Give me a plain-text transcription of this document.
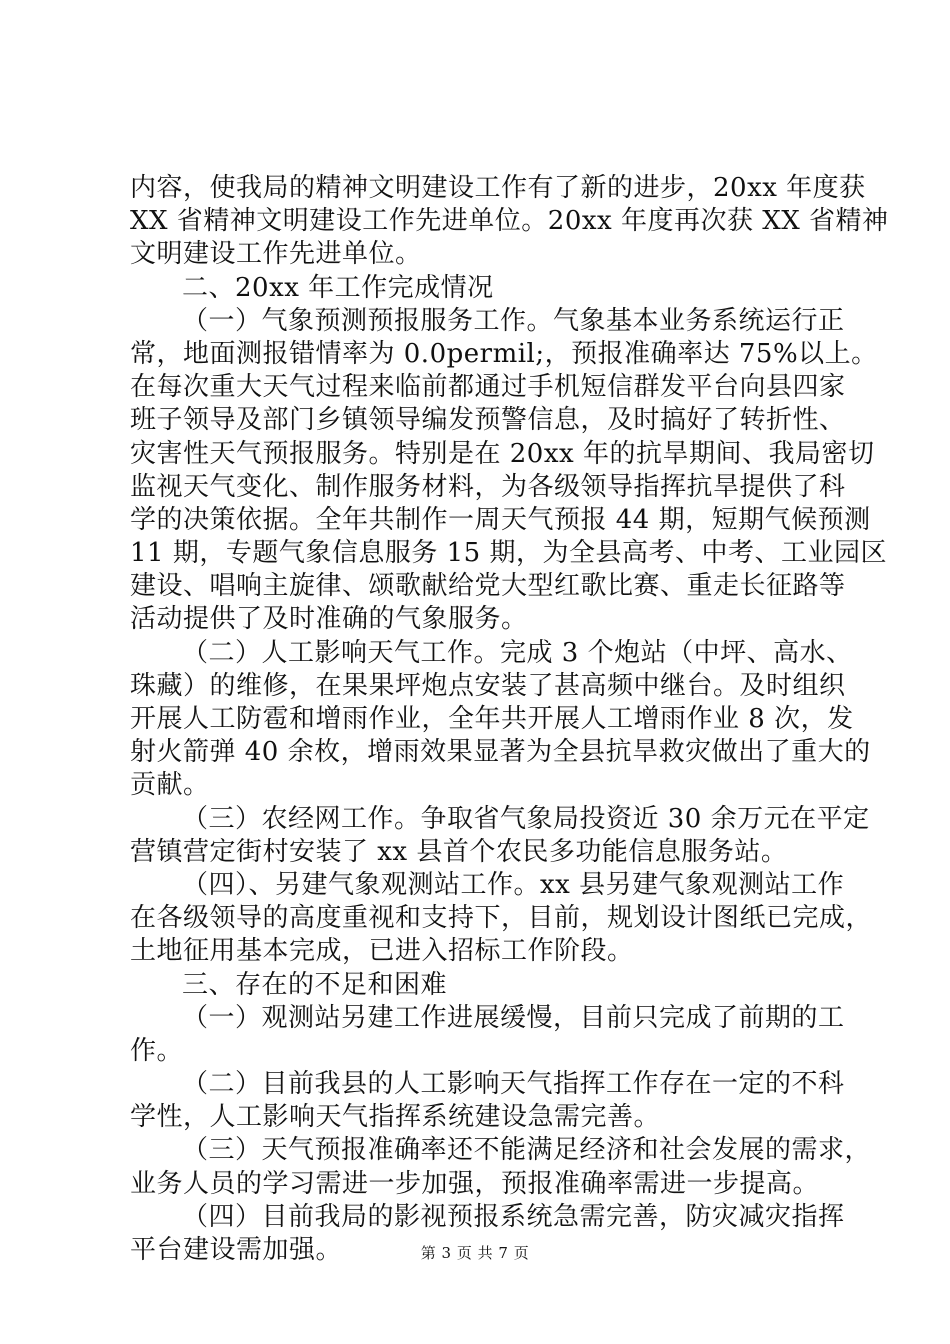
内容，使我局的精神文明建设工作有了新的进步，20xx 年度获
XX 省精神文明建设工作先进单位。20xx 年度再次获 XX 省精神
文明建设工作先进单位。
二、20xx 年工作完成情况
（一）气象预测预报服务工作。气象基本业务系统运行正
常，地面测报错情率为 0.0permil;，预报准确率达 75%以上。
在每次重大天气过程来临前都通过手机短信群发平台向县四家
班子领导及部门乡镇领导编发预警信息，及时搞好了转折性、
灾害性天气预报服务。特别是在 20xx 年的抗旱期间、我局密切
监视天气变化、制作服务材料，为各级领导指挥抗旱提供了科
学的决策依据。全年共制作一周天气预报 44 期，短期气候预测
11 期，专题气象信息服务 15 期，为全县高考、中考、工业园区
建设、唱响主旋律、颂歌献给党大型红歌比赛、重走长征路等
活动提供了及时准确的气象服务。
（二）人工影响天气工作。完成 3 个炮站（中坪、高水、
珠藏）的维修，在果果坪炮点安装了甚高频中继台。及时组织
开展人工防雹和增雨作业，全年共开展人工增雨作业 8 次，发
射火箭弹 40 余枚，增雨效果显著为全县抗旱救灾做出了重大的
贡献。
（三）农经网工作。争取省气象局投资近 30 余万元在平定
营镇营定街村安装了 xx 县首个农民多功能信息服务站。
（四）、另建气象观测站工作。xx 县另建气象观测站工作
在各级领导的高度重视和支持下，目前，规划设计图纸已完成，
土地征用基本完成，已进入招标工作阶段。
三、存在的不足和困难
（一）观测站另建工作进展缓慢，目前只完成了前期的工
作。
（二）目前我县的人工影响天气指挥工作存在一定的不科
学性，人工影响天气指挥系统建设急需完善。
（三）天气预报准确率还不能满足经济和社会发展的需求，
业务人员的学习需进一步加强，预报准确率需进一步提高。
（四）目前我局的影视预报系统急需完善，防灾减灾指挥
平台建设需加强。	第 3 页 共 7 页
